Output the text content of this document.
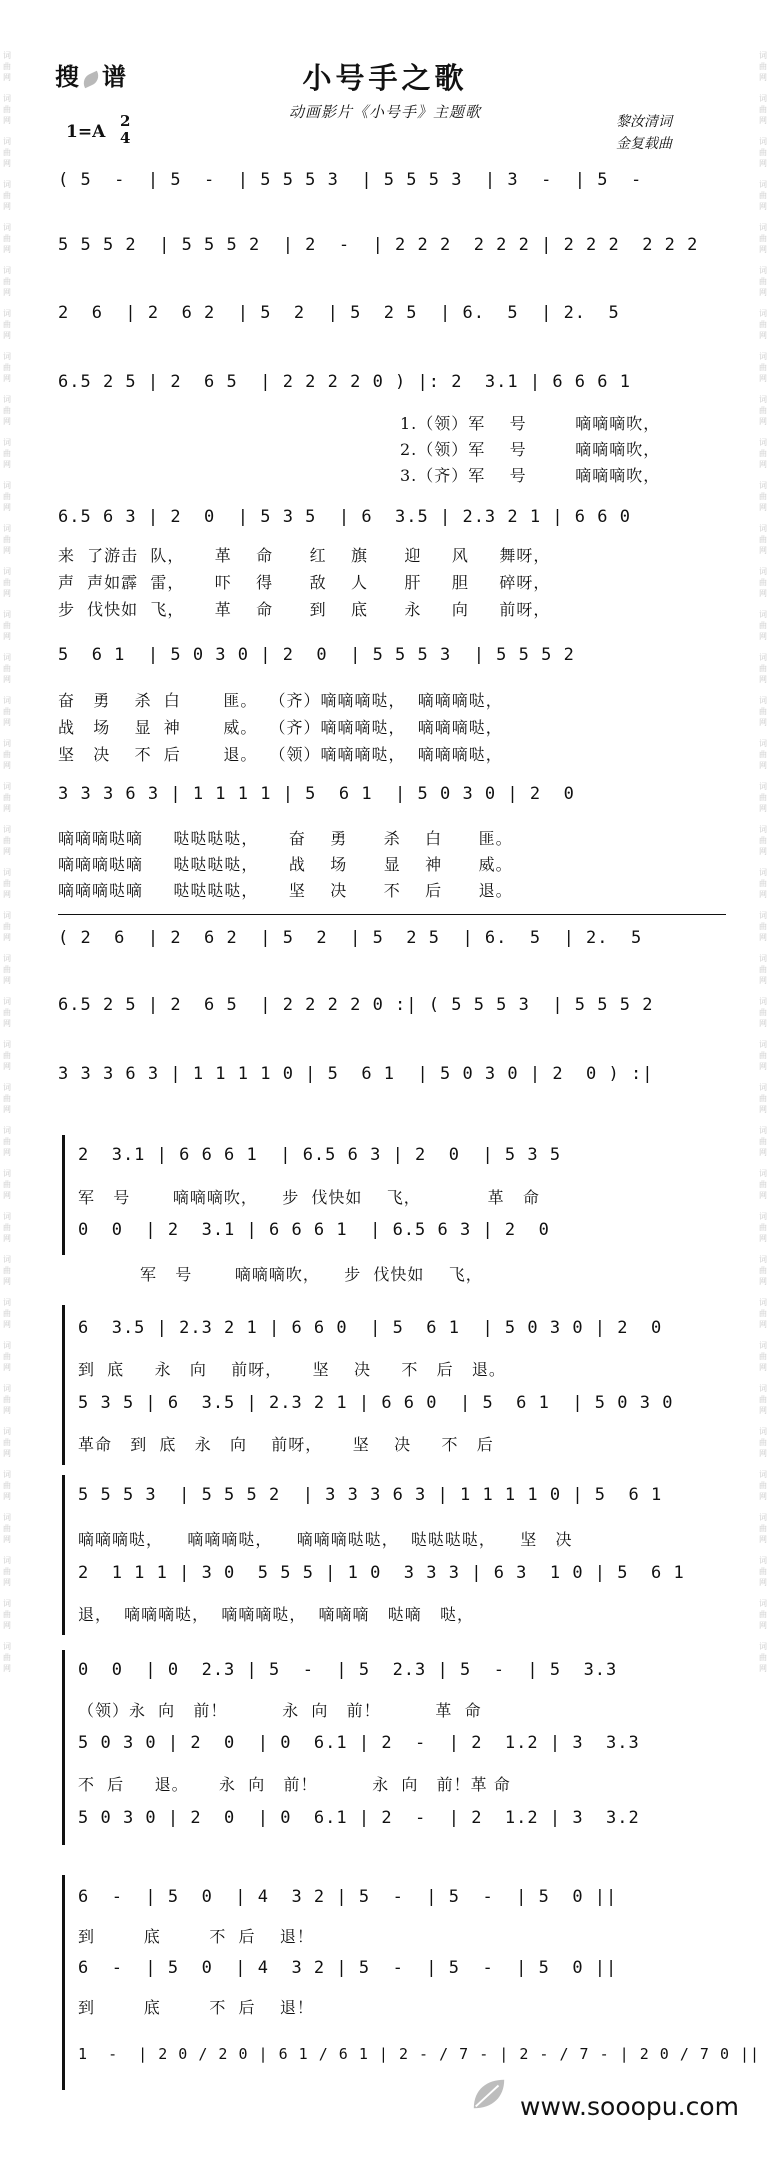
词曲网
词曲网
词曲网
词曲网
词曲网
词曲网
词曲网
词曲网
词曲网
词曲网
词曲网
词曲网
词曲网
词曲网
词曲网
词曲网
词曲网
词曲网
词曲网
词曲网
词曲网
词曲网
词曲网
词曲网
词曲网
词曲网
词曲网
词曲网
词曲网
词曲网
词曲网
词曲网
词曲网
词曲网
词曲网
词曲网
词曲网
词曲网
词曲网
词曲网
词曲网
词曲网
词曲网
词曲网
词曲网
词曲网
词曲网
词曲网
词曲网
词曲网
词曲网
词曲网
词曲网
词曲网
词曲网
词曲网
词曲网
词曲网
词曲网
词曲网
词曲网
词曲网
词曲网
词曲网
词曲网
词曲网
词曲网
词曲网
词曲网
词曲网
词曲网
词曲网
词曲网
词曲网
词曲网
词曲网
搜 谱	小号手之歌
动画影片《小号手》主题歌
黎汝清词
金复载曲
1=A
2
4
( 5  -  | 5  -  | 5 5 5 3  | 5 5 5 3  | 3  -  | 5  -
5 5 5 2  | 5 5 5 2  | 2  -  | 2 2 2  2 2 2 | 2 2 2  2 2 2
2  6  | 2  6 2  | 5  2  | 5  2 5  | 6.  5  | 2.  5
6.5 2 5 | 2  6 5  | 2 2 2 2 0 ) |: 2  3.1 | 6 6 6 1
1.（领）军    号        嘀嘀嘀吹，
2.（领）军    号        嘀嘀嘀吹，
3.（齐）军    号        嘀嘀嘀吹，
6.5 6 3 | 2  0  | 5 3 5  | 6  3.5 | 2.3 2 1 | 6 6 0
来  了游击  队，     革    命      红    旗      迎     风     舞呀，
声  声如霹  雷，     吓    得      敌    人      肝     胆     碎呀，
步  伐快如  飞，     革    命      到    底      永     向     前呀，
5  6 1  | 5 0 3 0 | 2  0  | 5 5 5 3  | 5 5 5 2
奋   勇    杀  白       匪。  （齐）嘀嘀嘀哒，  嘀嘀嘀哒，
战   场    显  神       威。  （齐）嘀嘀嘀哒，  嘀嘀嘀哒，
坚   决    不  后       退。  （领）嘀嘀嘀哒，  嘀嘀嘀哒，
3 3 3 6 3 | 1 1 1 1 | 5  6 1  | 5 0 3 0 | 2  0
嘀嘀嘀哒嘀     哒哒哒哒，     奋    勇      杀    白      匪。
嘀嘀嘀哒嘀     哒哒哒哒，     战    场      显    神      威。
嘀嘀嘀哒嘀     哒哒哒哒，     坚    决      不    后      退。
( 2  6  | 2  6 2  | 5  2  | 5  2 5  | 6.  5  | 2.  5
6.5 2 5 | 2  6 5  | 2 2 2 2 0 :| ( 5 5 5 3  | 5 5 5 2
3 3 3 6 3 | 1 1 1 1 0 | 5  6 1  | 5 0 3 0 | 2  0 ) :|
2  3.1 | 6 6 6 1  | 6.5 6 3 | 2  0  | 5 3 5
军   号       嘀嘀嘀吹，    步  伐快如    飞，           革   命
0  0  | 2  3.1 | 6 6 6 1  | 6.5 6 3 | 2  0
军   号       嘀嘀嘀吹，    步  伐快如    飞，
6  3.5 | 2.3 2 1 | 6 6 0  | 5  6 1  | 5 0 3 0 | 2  0
到  底     永   向    前呀，     坚    决     不   后   退。
5 3 5 | 6  3.5 | 2.3 2 1 | 6 6 0  | 5  6 1  | 5 0 3 0
革命   到  底   永   向    前呀，     坚    决     不   后
5 5 5 3  | 5 5 5 2  | 3 3 3 6 3 | 1 1 1 1 0 | 5  6 1
嘀嘀嘀哒，    嘀嘀嘀哒，    嘀嘀嘀哒哒，  哒哒哒哒，    坚   决
2  1 1 1 | 3 0  5 5 5 | 1 0  3 3 3 | 6 3  1 0 | 5  6 1
退，  嘀嘀嘀哒，  嘀嘀嘀哒，  嘀嘀嘀   哒嘀   哒，
0  0  | 0  2.3 | 5  -  | 5  2.3 | 5  -  | 5  3.3
（领）永  向   前！         永  向   前！         革  命
5 0 3 0 | 2  0  | 0  6.1 | 2  -  | 2  1.2 | 3  3.3
不  后     退。     永  向   前！         永  向   前！革 命
5 0 3 0 | 2  0  | 0  6.1 | 2  -  | 2  1.2 | 3  3.2
6  -  | 5  0  | 4  3 2 | 5  -  | 5  -  | 5  0 ||
到        底        不  后    退！
6  -  | 5  0  | 4  3 2 | 5  -  | 5  -  | 5  0 ||
到        底        不  后    退！
1  -  | 2 0 / 2 0 | 6 1 / 6 1 | 2 - / 7 - | 2 - / 7 - | 2 0 / 7 0 ||
www.sooopu.com
